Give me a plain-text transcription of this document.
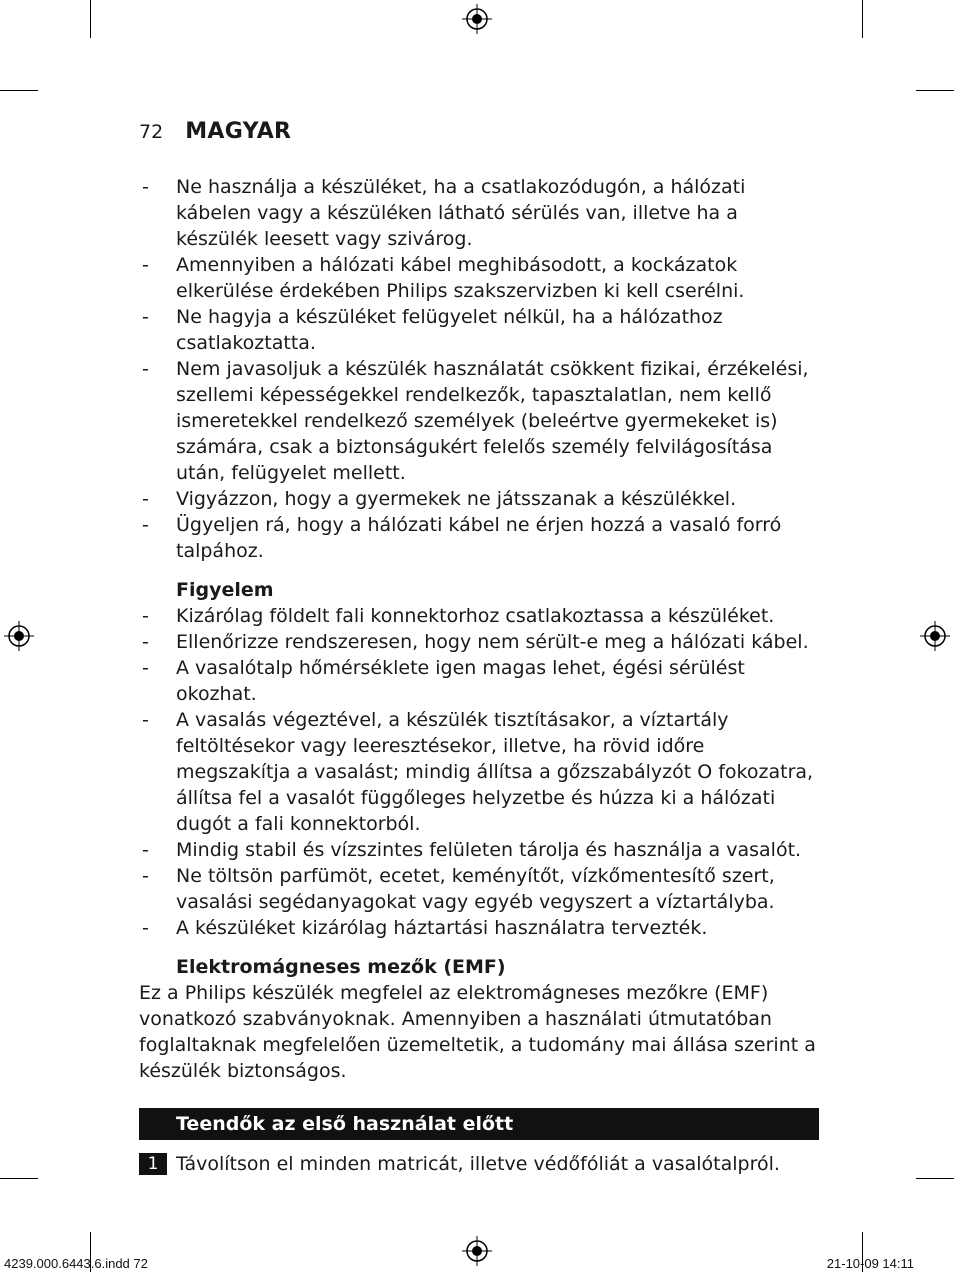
72 MAGYAR
- Ne használja a készüléket, ha a csatlakozódugón, a hálózati kábelen vagy a készüléken látható sérülés van, illetve ha a készülék leesett vagy szivárog.
- Amennyiben a hálózati kábel meghibásodott, a kockázatok elkerülése érdekében Philips szakszervizben ki kell cserélni.
- Ne hagyja a készüléket felügyelet nélkül, ha a hálózathoz csatlakoztatta.
- Nem javasoljuk a készülék használatát csökkent fizikai, érzékelési, szellemi képességekkel rendelkezők, tapasztalatlan, nem kellő ismeretekkel rendelkező személyek (beleértve gyermekeket is) számára, csak a biztonságukért felelős személy felvilágosítása után, felügyelet mellett.
- Vigyázzon, hogy a gyermekek ne játsszanak a készülékkel.
- Ügyeljen rá, hogy a hálózati kábel ne érjen hozzá a vasaló forró talpához.
Figyelem
- Kizárólag földelt fali konnektorhoz csatlakoztassa a készüléket.
- Ellenőrizze rendszeresen, hogy nem sérült-e meg a hálózati kábel.
- A vasalótalp hőmérséklete igen magas lehet, égési sérülést okozhat.
- A vasalás végeztével, a készülék tisztításakor, a víztartály feltöltésekor vagy leeresztésekor, illetve, ha rövid időre megszakítja a vasalást; mindig állítsa a gőzszabályzót O fokozatra, állítsa fel a vasalót függőleges helyzetbe és húzza ki a hálózati dugót a fali konnektorból.
- Mindig stabil és vízszintes felületen tárolja és használja a vasalót.
- Ne töltsön parfümöt, ecetet, keményítőt, vízkőmentesítő szert, vasalási segédanyagokat vagy egyéb vegyszert a víztartályba.
- A készüléket kizárólag háztartási használatra tervezték.
Elektromágneses mezők (EMF)

Ez a Philips készülék megfelel az elektromágneses mezőkre (EMF) vonatkozó szabványoknak. Amennyiben a használati útmutatóban foglaltaknak megfelelően üzemeltetik, a tudomány mai állása szerint a készülék biztonságos.

Teendők az első használat előtt
1 Távolítson el minden matricát, illetve védőfóliát a vasalótalpról.
4239.000.6443.6.indd 72	21-10-09 14:11
